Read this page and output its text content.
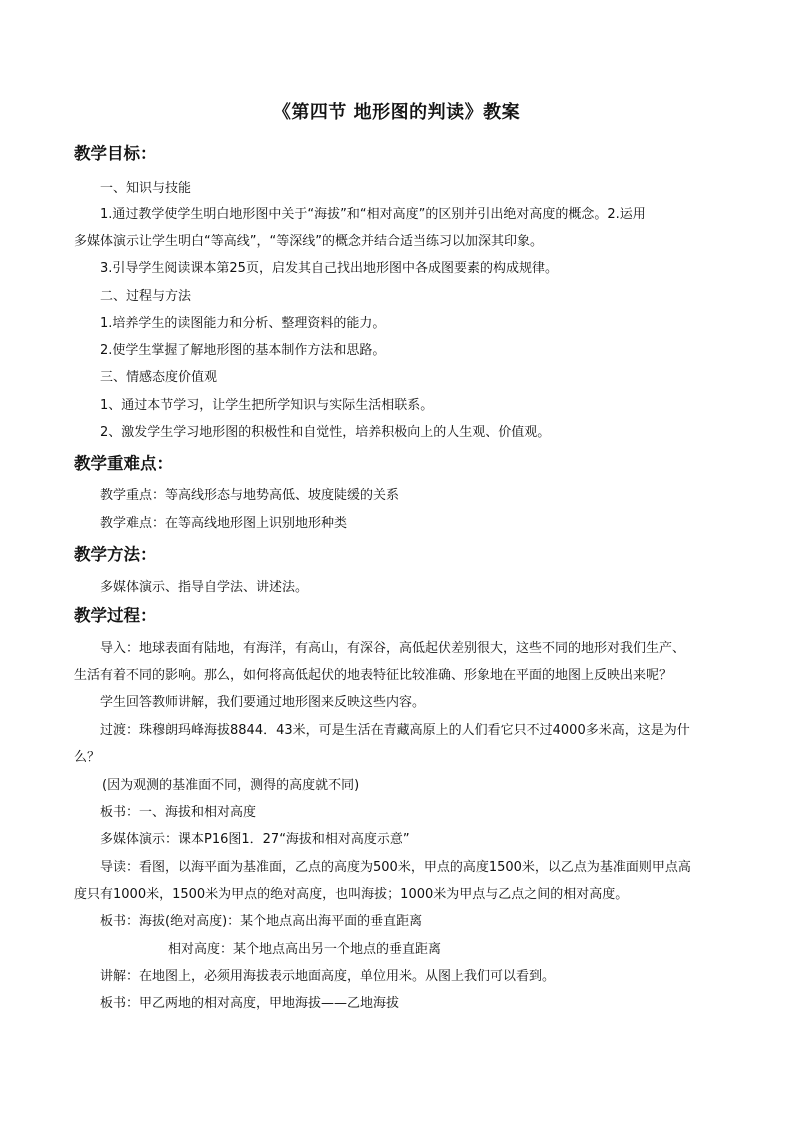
《第四节 地形图的判读》教案
教学目标：
一、知识与技能
1.通过教学使学生明白地形图中关于“海拔”和“相对高度”的区别并引出绝对高度的概念。2.运用
多媒体演示让学生明白“等高线”，“等深线”的概念并结合适当练习以加深其印象。
3.引导学生阅读课本第25页，启发其自己找出地形图中各成图要素的构成规律。
二、过程与方法
1.培养学生的读图能力和分析、整理资料的能力。
2.使学生掌握了解地形图的基本制作方法和思路。
三、情感态度价值观
1、通过本节学习，让学生把所学知识与实际生活相联系。
2、激发学生学习地形图的积极性和自觉性，培养积极向上的人生观、价值观。
教学重难点：
教学重点：等高线形态与地势高低、坡度陡缓的关系
教学难点：在等高线地形图上识别地形种类
教学方法：
多媒体演示、指导自学法、讲述法。
教学过程：
导入：地球表面有陆地，有海洋，有高山，有深谷，高低起伏差别很大，这些不同的地形对我们生产、
生活有着不同的影响。那么，如何将高低起伏的地表特征比较准确、形象地在平面的地图上反映出来呢？
学生回答教师讲解，我们要通过地形图来反映这些内容。
过渡：珠穆朗玛峰海拔8844．43米，可是生活在青藏高原上的人们看它只不过4000多米高，这是为什
么？
(因为观测的基准面不同，测得的高度就不同)
板书：一、海拔和相对高度
多媒体演示：课本P16图1．27“海拔和相对高度示意”
导读：看图，以海平面为基准面，乙点的高度为500米，甲点的高度1500米，以乙点为基准面则甲点高
度只有1000米，1500米为甲点的绝对高度，也叫海拔；1000米为甲点与乙点之间的相对高度。
板书：海拔(绝对高度)：某个地点高出海平面的垂直距离
相对高度：某个地点高出另一个地点的垂直距离
讲解：在地图上，必须用海拔表示地面高度，单位用米。从图上我们可以看到。
板书：甲乙两地的相对高度，甲地海拔——乙地海拔
